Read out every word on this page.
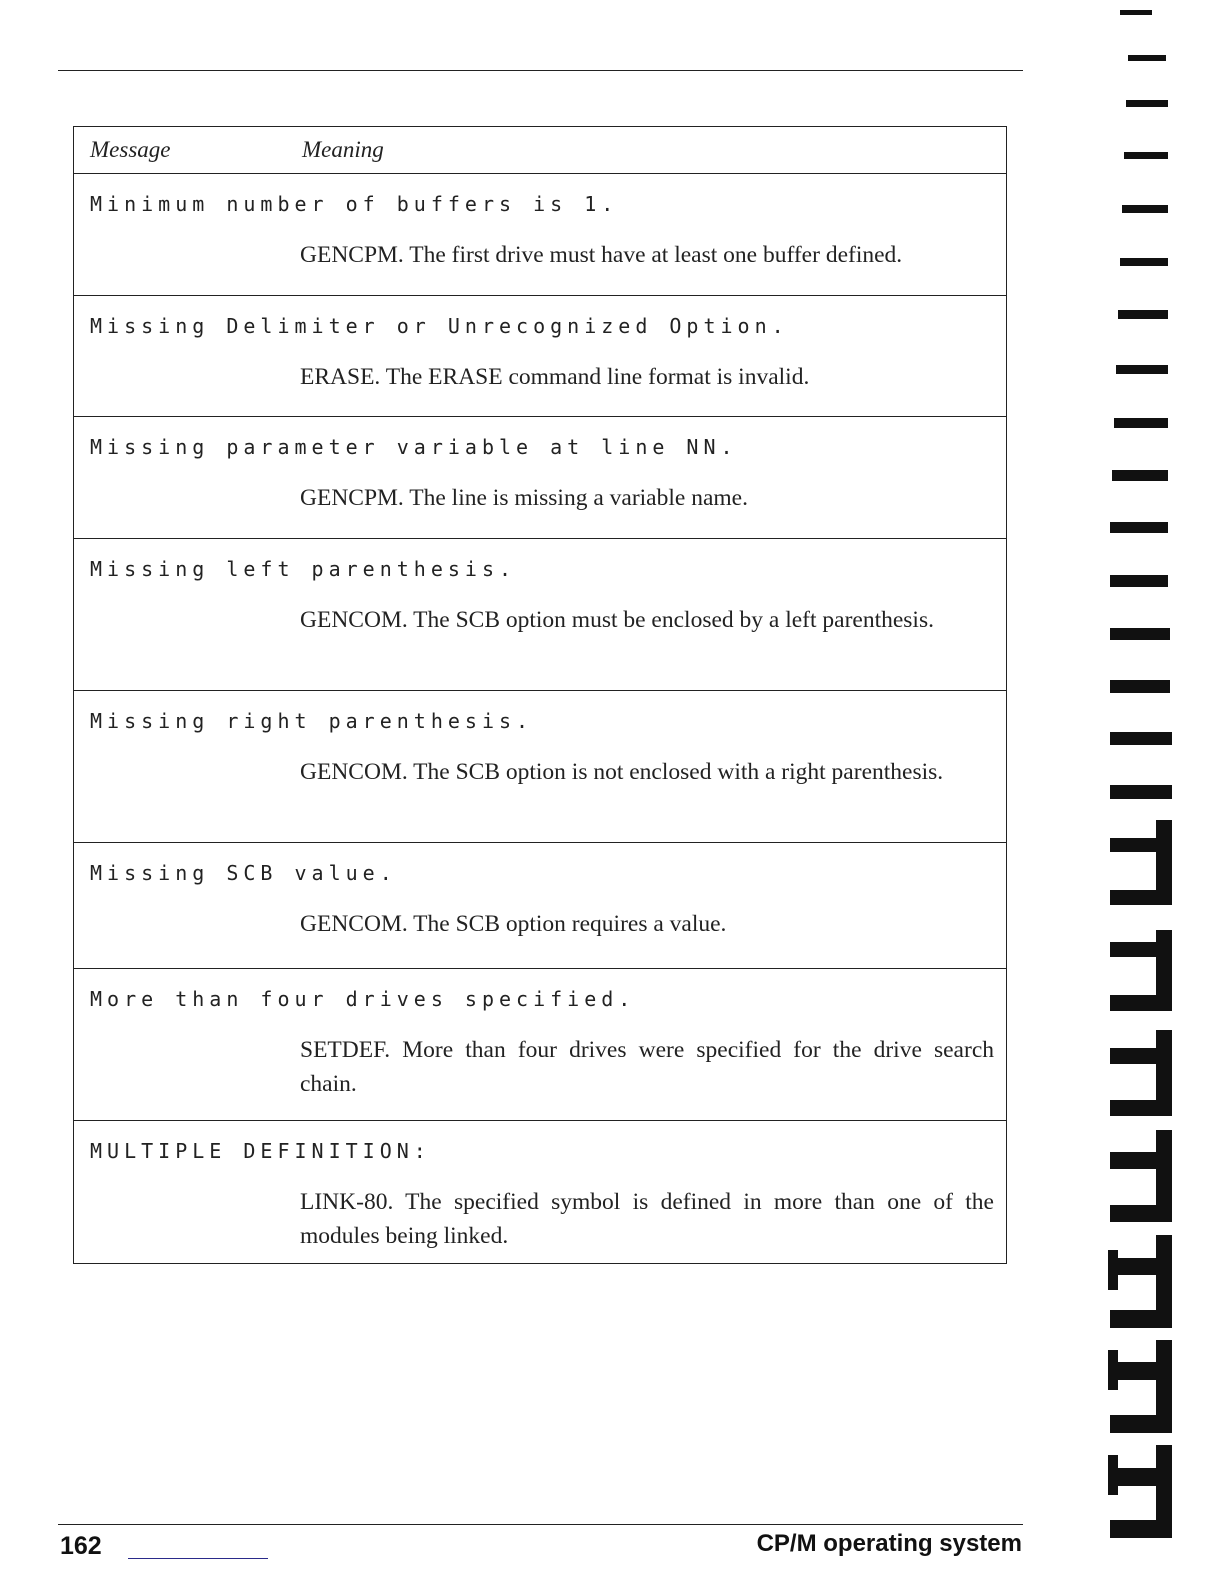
Message	Meaning
Minimum number of buffers is 1.
GENCPM. The first drive must have at least one buffer defined.
Missing Delimiter or Unrecognized Option.
ERASE. The ERASE command line format is invalid.
Missing parameter variable at line NN.
GENCPM. The line is missing a variable name.
Missing left parenthesis.
GENCOM. The SCB option must be enclosed by a left parenthesis.
Missing right parenthesis.
GENCOM. The SCB option is not enclosed with a right parenthesis.
Missing SCB value.
GENCOM. The SCB option requires a value.
More than four drives specified.
SETDEF. More than four drives were specified for the drive search chain.
MULTIPLE DEFINITION:
LINK-80. The specified symbol is defined in more than one of the modules being linked.
162	CP/M operating system
